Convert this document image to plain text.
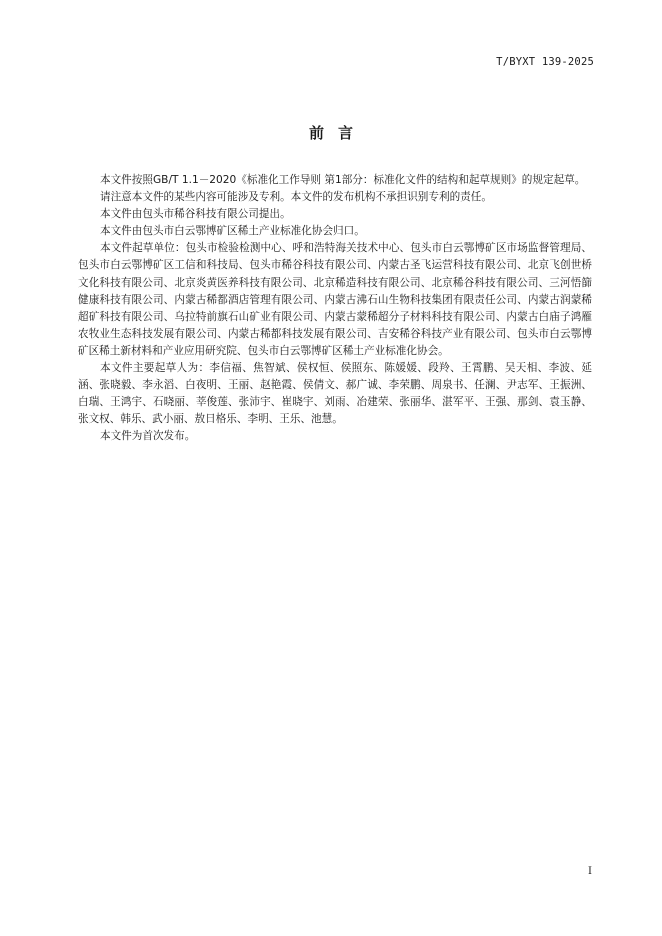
T/BYXT 139-2025
前言

本文件按照GB/T 1.1－2020《标准化工作导则 第1部分：标准化文件的结构和起草规则》的规定起草。

请注意本文件的某些内容可能涉及专利。本文件的发布机构不承担识别专利的责任。

本文件由包头市稀谷科技有限公司提出。

本文件由包头市白云鄂博矿区稀土产业标准化协会归口。

本文件起草单位：包头市检验检测中心、呼和浩特海关技术中心、包头市白云鄂博矿区市场监督管理局、包头市白云鄂博矿区工信和科技局、包头市稀谷科技有限公司、内蒙古圣飞运营科技有限公司、北京飞创世桥文化科技有限公司、北京炎黄医养科技有限公司、北京稀造科技有限公司、北京稀谷科技有限公司、三河悟篩健康科技有限公司、内蒙古稀都酒店管理有限公司、内蒙古沸石山生物科技集团有限责任公司、内蒙古润蒙稀超矿科技有限公司、乌拉特前旗石山矿业有限公司、内蒙古蒙稀超分子材料科技有限公司、内蒙古白庙子鸿雁农牧业生态科技发展有限公司、内蒙古稀都科技发展有限公司、吉安稀谷科技产业有限公司、包头市白云鄂博矿区稀土新材料和产业应用研究院、包头市白云鄂博矿区稀土产业标准化协会。

本文件主要起草人为：李信福、焦智斌、侯权恒、侯照东、陈媛媛、段羚、王霄鹏、吴天相、李波、延涵、张晓毅、李永滔、白夜明、王丽、赵艳霞、侯倩文、郝广诚、李荣鹏、周泉书、任澜、尹志军、王振洲、白瑞、王鸿宇、石晓丽、莘俊莲、张沛宇、崔晓宇、刘雨、冶建荣、张丽华、湛军平、王强、那剑、袁玉静、张文权、韩乐、武小丽、敖日格乐、李明、王乐、池慧。

本文件为首次发布。

I
